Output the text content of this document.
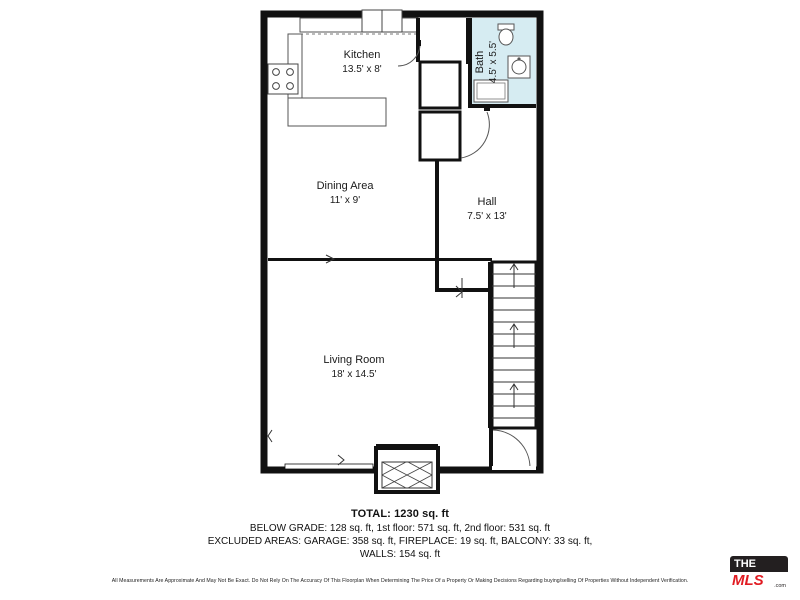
Kitchen
13.5' x 8'	Bath 4.5' x 5.5'
Dining Area
11' x 9'	Hall
7.5' x 13'
Living Room
18' x 14.5'
TOTAL: 1230 sq. ft
BELOW GRADE: 128 sq. ft, 1st floor: 571 sq. ft, 2nd floor: 531 sq. ft
EXCLUDED AREAS: GARAGE: 358 sq. ft, FIREPLACE: 19 sq. ft, BALCONY: 33 sq. ft,
WALLS: 154 sq. ft
All Measurements Are Approximate And May Not Be Exact. Do Not Rely On The Accuracy Of This Floorplan When Determining The Price Of a Property Or Making Decisions Regarding buying/selling Of Properties Without Independent Verification.
THE
MLS .com
